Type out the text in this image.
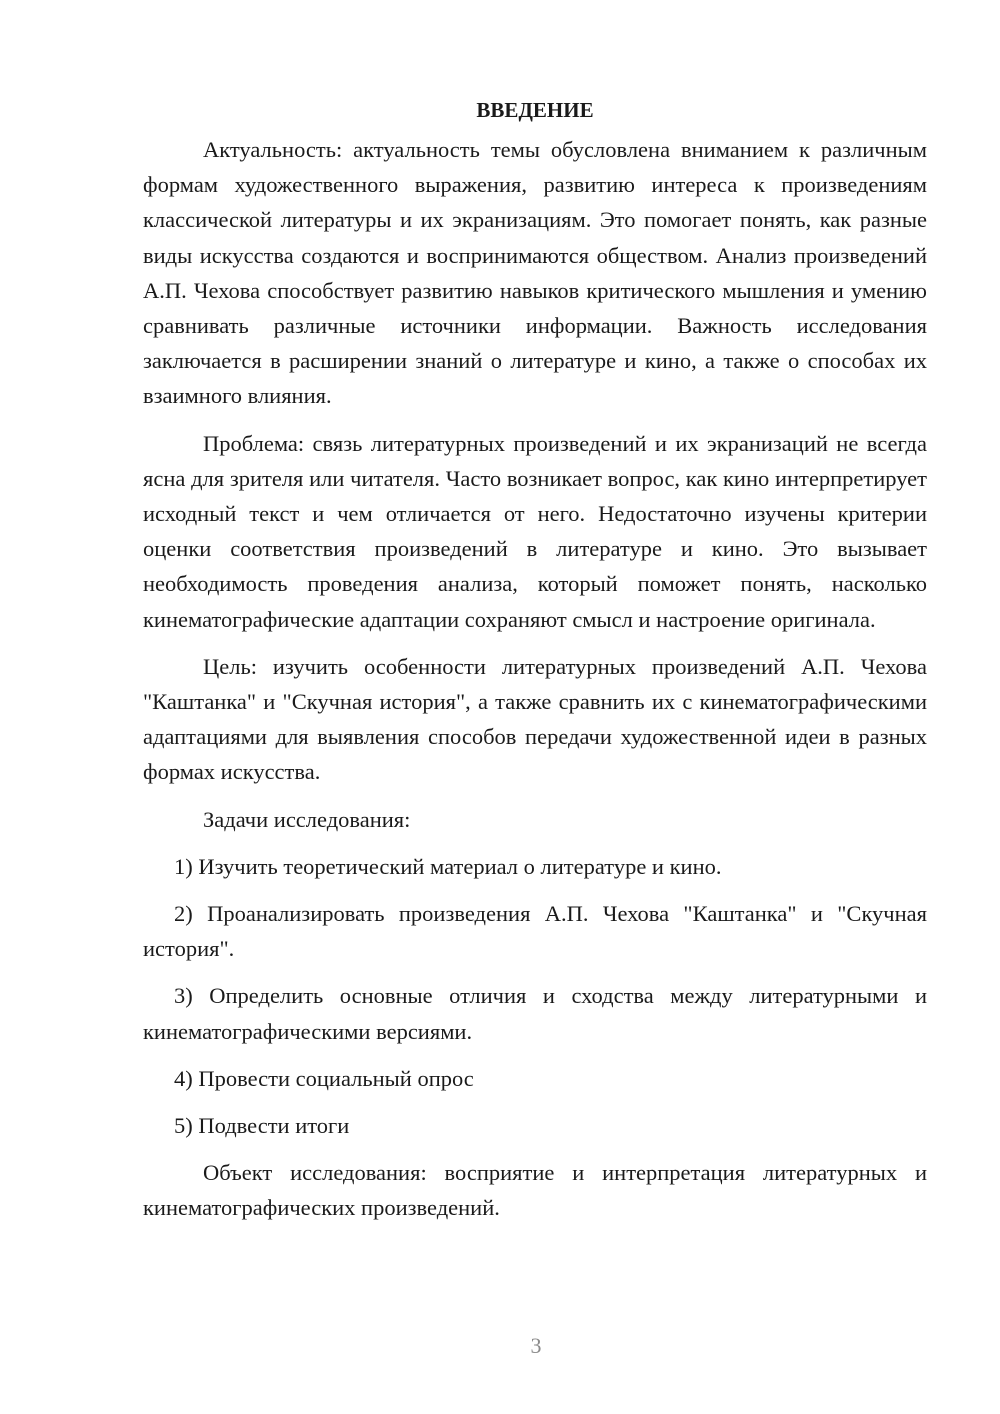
ВВЕДЕНИЕ

Актуальность: актуальность темы обусловлена вниманием к различным формам художественного выражения, развитию интереса к произведениям классической литературы и их экранизациям. Это помогает понять, как разные виды искусства создаются и воспринимаются обществом. Анализ произведений А.П. Чехова способствует развитию навыков критического мышления и умению сравнивать различные источники информации. Важность исследования заключается в расширении знаний о литературе и кино, а также о способах их взаимного влияния.

Проблема: связь литературных произведений и их экранизаций не всегда ясна для зрителя или читателя. Часто возникает вопрос, как кино интерпретирует исходный текст и чем отличается от него. Недостаточно изучены критерии оценки соответствия произведений в литературе и кино. Это вызывает необходимость проведения анализа, который поможет понять, насколько кинематографические адаптации сохраняют смысл и настроение оригинала.

Цель: изучить особенности литературных произведений А.П. Чехова "Каштанка" и "Скучная история", а также сравнить их с кинематографическими адаптациями для выявления способов передачи художественной идеи в разных формах искусства.

Задачи исследования:

1) Изучить теоретический материал о литературе и кино.

2) Проанализировать произведения А.П. Чехова "Каштанка" и "Скучная история".

3) Определить основные отличия и сходства между литературными и кинематографическими версиями.

4) Провести социальный опрос

5) Подвести итоги

Объект исследования: восприятие и интерпретация литературных и кинематографических произведений.

3
